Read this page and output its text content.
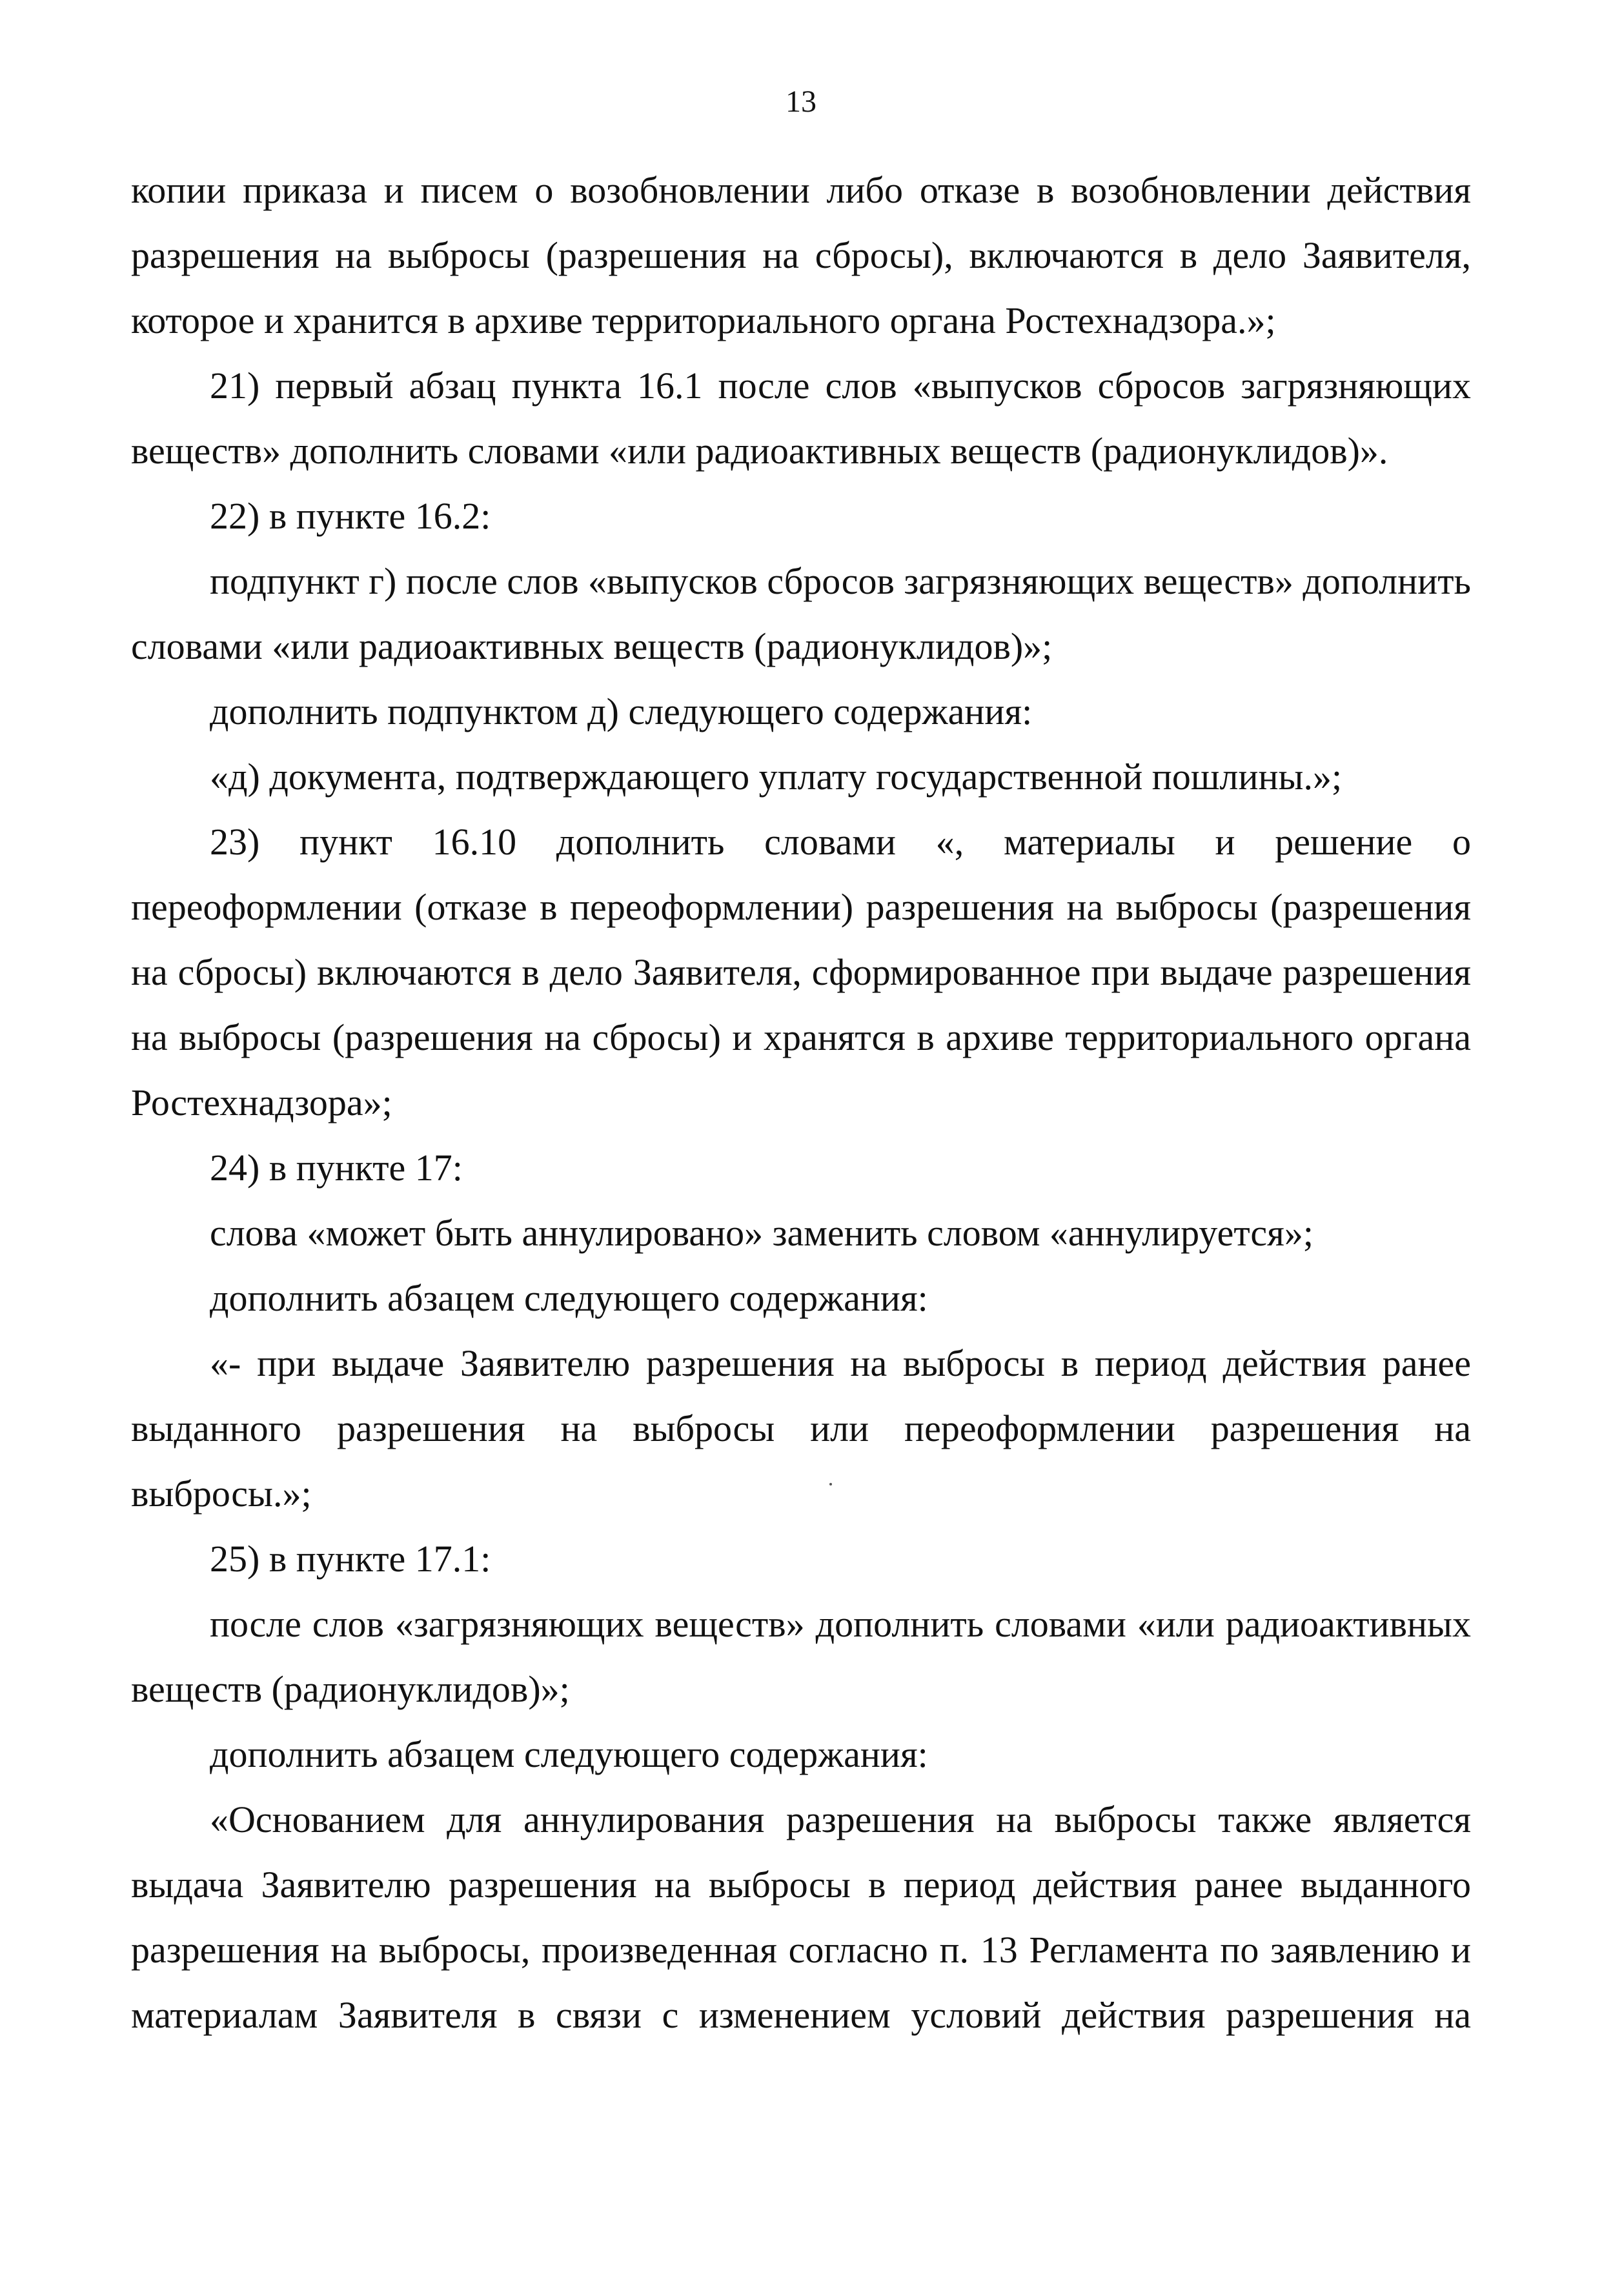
13

копии приказа и писем о возобновлении либо отказе в возобновлении действия разрешения на выбросы (разрешения на сбросы), включаются в дело Заявителя, которое и хранится в архиве территориального органа Ростехнадзора.»;

21) первый абзац пункта 16.1 после слов «выпусков сбросов загрязняющих веществ» дополнить словами «или радиоактивных веществ (радионуклидов)».

22) в пункте 16.2:

подпункт г) после слов «выпусков сбросов загрязняющих веществ» дополнить словами «или радиоактивных веществ (радионуклидов)»;

дополнить подпунктом д) следующего содержания:

«д) документа, подтверждающего уплату государственной пошлины.»;

23) пункт 16.10 дополнить словами «, материалы и решение о переоформлении (отказе в переоформлении) разрешения на выбросы (разрешения на сбросы) включаются в дело Заявителя, сформированное при выдаче разрешения на выбросы (разрешения на сбросы) и хранятся в архиве территориального органа Ростехнадзора»;

24) в пункте 17:

слова «может быть аннулировано» заменить словом «аннулируется»;

дополнить абзацем следующего содержания:

«- при выдаче Заявителю разрешения на выбросы в период действия ранее выданного разрешения на выбросы или переоформлении разрешения на выбросы.»;

25) в пункте 17.1:

после слов «загрязняющих веществ» дополнить словами «или радиоактивных веществ (радионуклидов)»;

дополнить абзацем следующего содержания:

«Основанием для аннулирования разрешения на выбросы также является выдача Заявителю разрешения на выбросы в период действия ранее выданного разрешения на выбросы, произведенная согласно п. 13 Регламента по заявлению и материалам Заявителя в связи с изменением условий действия разрешения на
